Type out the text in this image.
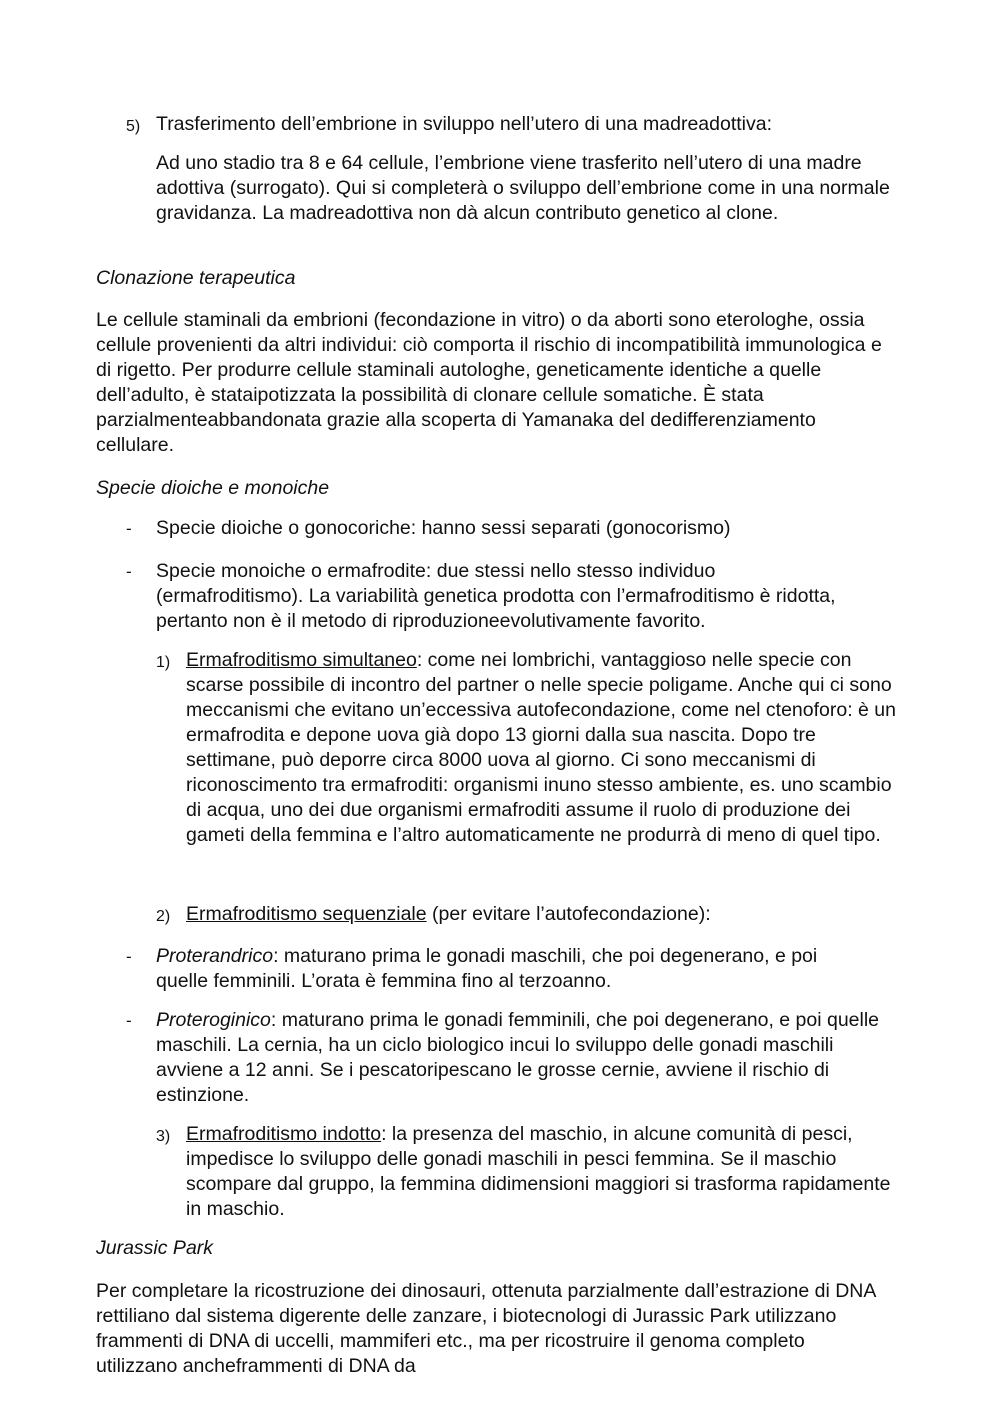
5) Trasferimento dell’embrione in sviluppo nell’utero di una madreadottiva:

Ad uno stadio tra 8 e 64 cellule, l’embrione viene trasferito nell’utero di una madre adottiva (surrogato). Qui si completerà o sviluppo dell’embrione come in una normale gravidanza. La madreadottiva non dà alcun contributo genetico al clone.

Clonazione terapeutica

Le cellule staminali da embrioni (fecondazione in vitro) o da aborti sono eterologhe, ossia cellule provenienti da altri individui: ciò comporta il rischio di incompatibilità immunologica e di rigetto. Per produrre cellule staminali autologhe, geneticamente identiche a quelle dell’adulto, è stataipotizzata la possibilità di clonare cellule somatiche. È stata parzialmenteabbandonata grazie alla scoperta di Yamanaka del dedifferenziamento cellulare.

Specie dioiche e monoiche

- Specie dioiche o gonocoriche: hanno sessi separati (gonocorismo)

- Specie monoiche o ermafrodite: due stessi nello stesso individuo (ermafroditismo). La variabilità genetica prodotta con l’ermafroditismo è ridotta, pertanto non è il metodo di riproduzioneevolutivamente favorito.

1) Ermafroditismo simultaneo: come nei lombrichi, vantaggioso nelle specie con scarse possibile di incontro del partner o nelle specie poligame. Anche qui ci sono meccanismi che evitano un’eccessiva autofecondazione, come nel ctenoforo: è un ermafrodita e depone uova già dopo 13 giorni dalla sua nascita. Dopo tre settimane, può deporre circa 8000 uova al giorno. Ci sono meccanismi di riconoscimento tra ermafroditi: organismi inuno stesso ambiente, es. uno scambio di acqua, uno dei due organismi ermafroditi assume il ruolo di produzione dei gameti della femmina e l’altro automaticamente ne produrrà di meno di quel tipo.

2) Ermafroditismo sequenziale (per evitare l’autofecondazione):

- Proterandrico: maturano prima le gonadi maschili, che poi degenerano, e poi quelle femminili. L’orata è femmina fino al terzoanno.

- Proteroginico: maturano prima le gonadi femminili, che poi degenerano, e poi quelle maschili. La cernia, ha un ciclo biologico incui lo sviluppo delle gonadi maschili avviene a 12 anni. Se i pescatoripescano le grosse cernie, avviene il rischio di estinzione.

3) Ermafroditismo indotto: la presenza del maschio, in alcune comunità di pesci, impedisce lo sviluppo delle gonadi maschili in pesci femmina. Se il maschio scompare dal gruppo, la femmina didimensioni maggiori si trasforma rapidamente in maschio.

Jurassic Park

Per completare la ricostruzione dei dinosauri, ottenuta parzialmente dall’estrazione di DNA rettiliano dal sistema digerente delle zanzare, i biotecnologi di Jurassic Park utilizzano frammenti di DNA di uccelli, mammiferi etc., ma per ricostruire il genoma completo utilizzano ancheframmenti di DNA da
